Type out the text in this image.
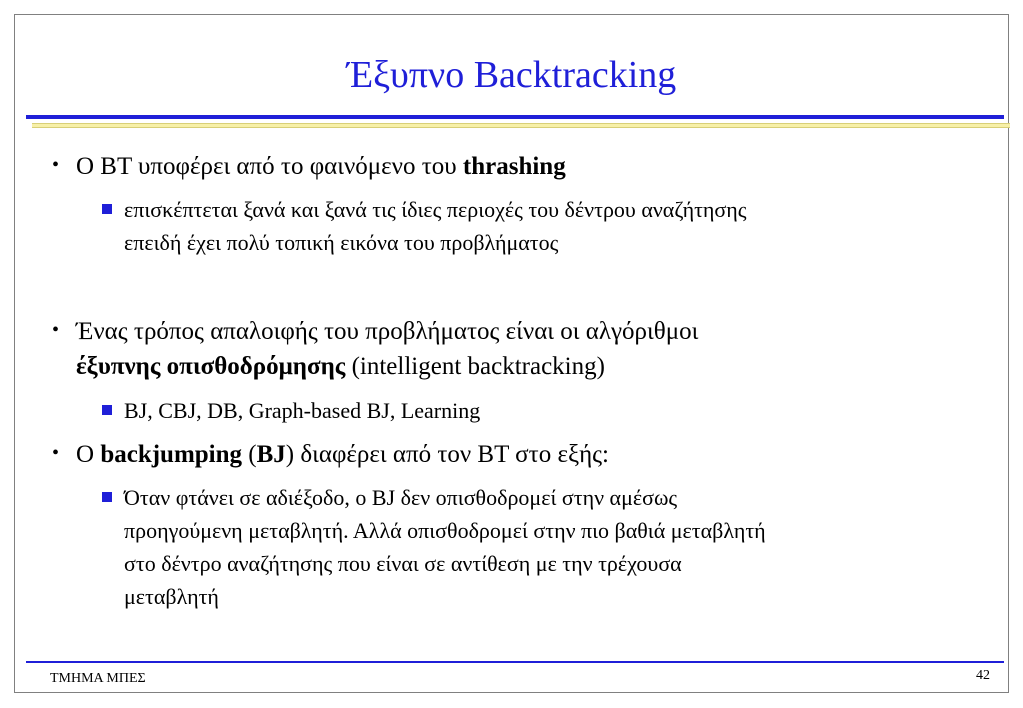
Έξυπνο Backtracking
• Ο BT υποφέρει από το φαινόμενο του thrashing
επισκέπτεται ξανά και ξανά τις ίδιες περιοχές του δέντρου αναζήτησης
επειδή έχει πολύ τοπική εικόνα του προβλήματος
• Ένας τρόπος απαλοιφής του προβλήματος είναι οι αλγόριθμοι
έξυπνης οπισθοδρόμησης (intelligent backtracking)
BJ, CBJ, DB, Graph-based BJ, Learning
• Ο backjumping (BJ) διαφέρει από τον BT στο εξής:
Όταν φτάνει σε αδιέξοδο, ο BJ δεν οπισθοδρομεί στην αμέσως
προηγούμενη μεταβλητή. Αλλά οπισθοδρομεί στην πιο βαθιά μεταβλητή
στο δέντρο αναζήτησης που είναι σε αντίθεση με την τρέχουσα
μεταβλητή
ΤΜΗΜΑ ΜΠΕΣ	42
